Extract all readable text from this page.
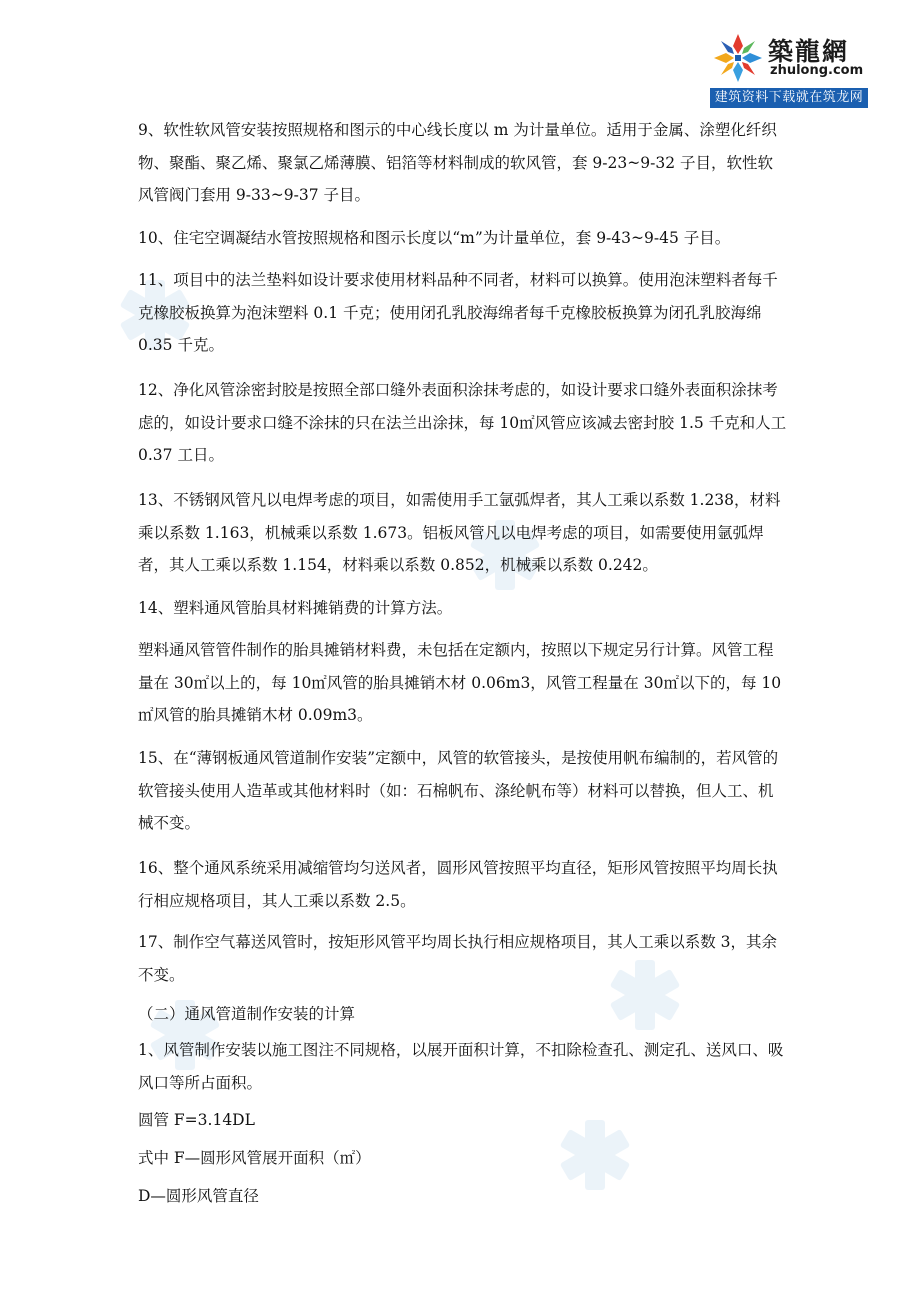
築龍網
zhulong.com
建筑资料下载就在筑龙网

9、软性软风管安装按照规格和图示的中心线长度以 m 为计量单位。适用于金属、涂塑化纤织物、聚酯、聚乙烯、聚氯乙烯薄膜、铝箔等材料制成的软风管，套 9-23~9-32 子目，软性软风管阀门套用 9-33~9-37 子目。

10、住宅空调凝结水管按照规格和图示长度以“m”为计量单位，套 9-43~9-45 子目。

11、项目中的法兰垫料如设计要求使用材料品种不同者，材料可以换算。使用泡沫塑料者每千克橡胶板换算为泡沫塑料 0.1 千克；使用闭孔乳胶海绵者每千克橡胶板换算为闭孔乳胶海绵 0.35 千克。

12、净化风管涂密封胶是按照全部口缝外表面积涂抹考虑的，如设计要求口缝外表面积涂抹考虑的，如设计要求口缝不涂抹的只在法兰出涂抹，每 10㎡风管应该减去密封胶 1.5 千克和人工 0.37 工日。

13、不锈钢风管凡以电焊考虑的项目，如需使用手工氩弧焊者，其人工乘以系数 1.238，材料乘以系数 1.163，机械乘以系数 1.673。铝板风管凡以电焊考虑的项目，如需要使用氩弧焊者，其人工乘以系数 1.154，材料乘以系数 0.852，机械乘以系数 0.242。

14、塑料通风管胎具材料摊销费的计算方法。

塑料通风管管件制作的胎具摊销材料费，未包括在定额内，按照以下规定另行计算。风管工程量在 30㎡以上的，每 10㎡风管的胎具摊销木材 0.06m3，风管工程量在 30㎡以下的，每 10㎡风管的胎具摊销木材 0.09m3。

15、在“薄钢板通风管道制作安装”定额中，风管的软管接头，是按使用帆布编制的，若风管的软管接头使用人造革或其他材料时（如：石棉帆布、涤纶帆布等）材料可以替换，但人工、机械不变。

16、整个通风系统采用减缩管均匀送风者，圆形风管按照平均直径，矩形风管按照平均周长执行相应规格项目，其人工乘以系数 2.5。

17、制作空气幕送风管时，按矩形风管平均周长执行相应规格项目，其人工乘以系数 3，其余不变。

（二）通风管道制作安装的计算

1、风管制作安装以施工图注不同规格，以展开面积计算，不扣除检查孔、测定孔、送风口、吸风口等所占面积。

圆管 F=3.14DL

式中 F—圆形风管展开面积（㎡）

D—圆形风管直径
